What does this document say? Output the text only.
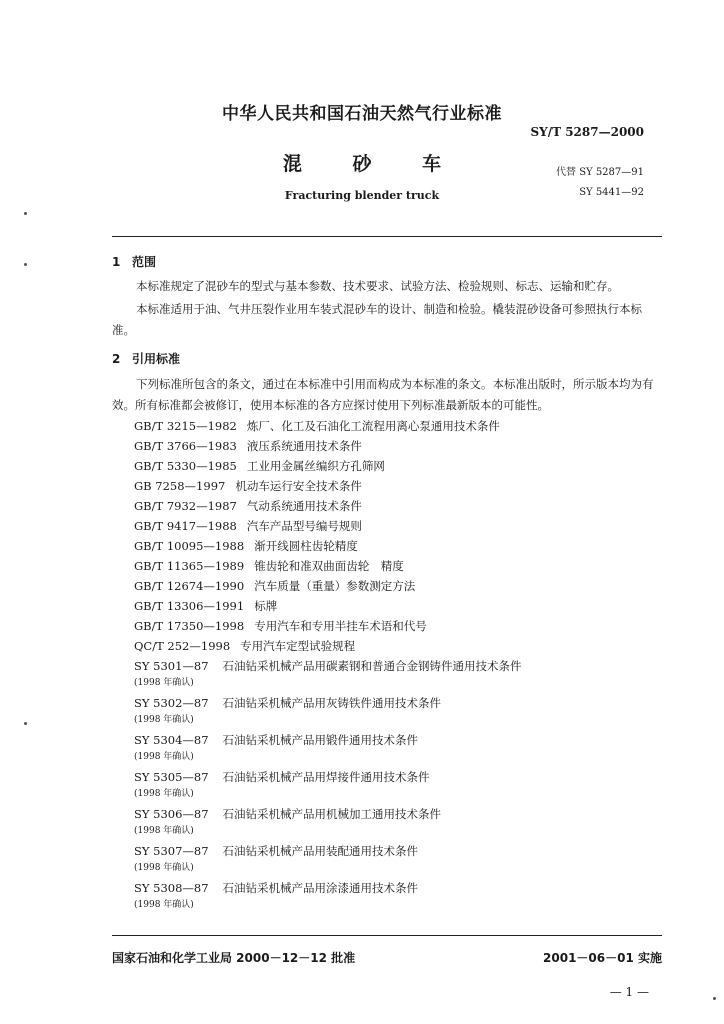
中华人民共和国石油天然气行业标准
SY/T 5287—2000
混 砂 车	代替 SY 5287—91
SY 5441—92
Fracturing blender truck
1 范围
本标准规定了混砂车的型式与基本参数、技术要求、试验方法、检验规则、标志、运输和贮存。
本标准适用于油、气井压裂作业用车装式混砂车的设计、制造和检验。橇装混砂设备可参照执行本标准。
2 引用标准
下列标准所包含的条文，通过在本标准中引用而构成为本标准的条文。本标准出版时，所示版本均为有效。所有标准都会被修订，使用本标准的各方应探讨使用下列标准最新版本的可能性。
GB/T 3215—1982 炼厂、化工及石油化工流程用离心泵通用技术条件
GB/T 3766—1983 液压系统通用技术条件
GB/T 5330—1985 工业用金属丝编织方孔筛网
GB 7258—1997 机动车运行安全技术条件
GB/T 7932—1987 气动系统通用技术条件
GB/T 9417—1988 汽车产品型号编号规则
GB/T 10095—1988 渐开线圆柱齿轮精度
GB/T 11365—1989 锥齿轮和准双曲面齿轮　精度
GB/T 12674—1990 汽车质量（重量）参数测定方法
GB/T 13306—1991 标牌
GB/T 17350—1998 专用汽车和专用半挂车术语和代号
QC/T 252—1998 专用汽车定型试验规程
SY 5301—87 石油钻采机械产品用碳素钢和普通合金钢铸件通用技术条件
(1998 年确认)
SY 5302—87 石油钻采机械产品用灰铸铁件通用技术条件
(1998 年确认)
SY 5304—87 石油钻采机械产品用锻件通用技术条件
(1998 年确认)
SY 5305—87 石油钻采机械产品用焊接件通用技术条件
(1998 年确认)
SY 5306—87 石油钻采机械产品用机械加工通用技术条件
(1998 年确认)
SY 5307—87 石油钻采机械产品用装配通用技术条件
(1998 年确认)
SY 5308—87 石油钻采机械产品用涂漆通用技术条件
(1998 年确认)
国家石油和化学工业局 2000－12－12 批准	2001－06－01 实施
— 1 —
